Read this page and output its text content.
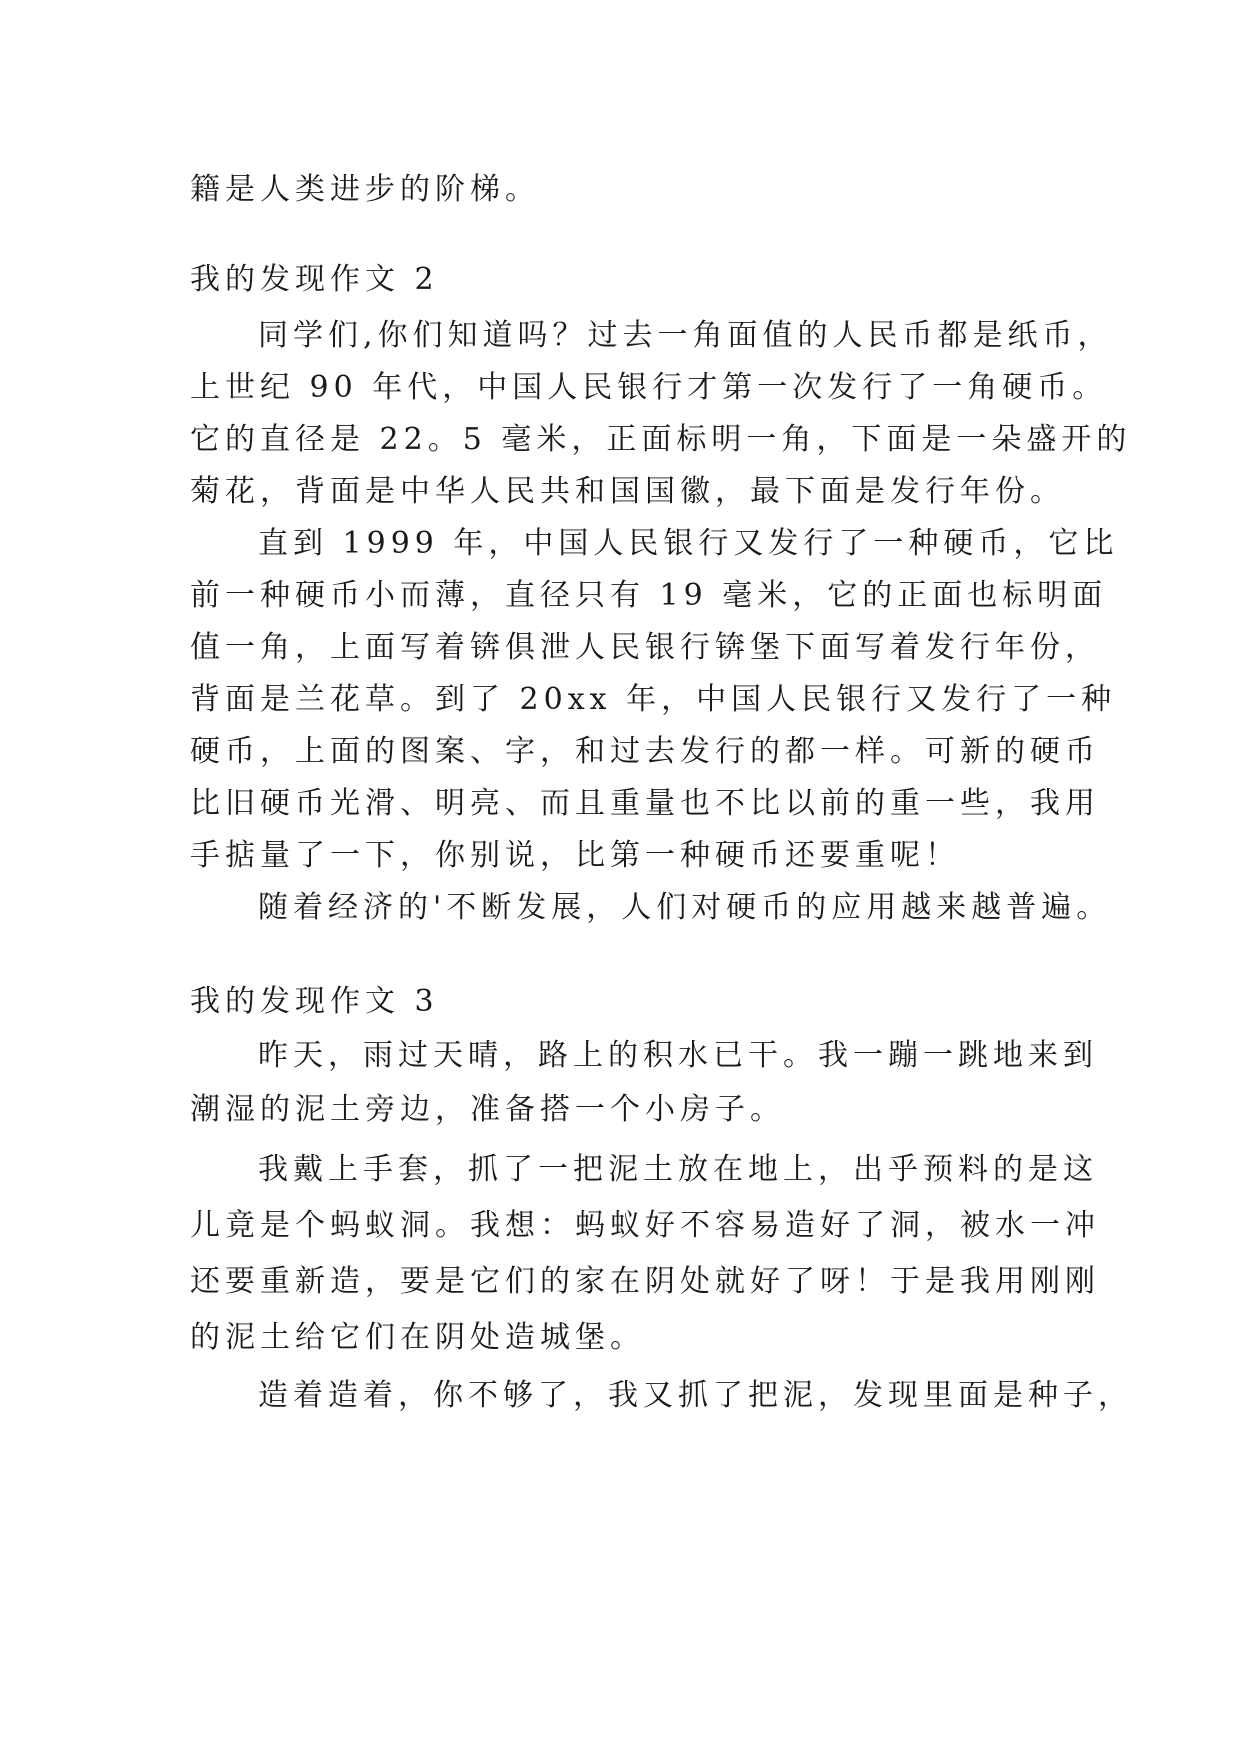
籍是人类进步的阶梯。
我的发现作文 2
同学们,你们知道吗？过去一角面值的人民币都是纸币，
上世纪 90 年代，中国人民银行才第一次发行了一角硬币。
它的直径是 22。5 毫米，正面标明一角，下面是一朵盛开的
菊花，背面是中华人民共和国国徽，最下面是发行年份。
直到 1999 年，中国人民银行又发行了一种硬币，它比
前一种硬币小而薄，直径只有 19 毫米，它的正面也标明面
值一角，上面写着锛俱泄人民银行锛堡下面写着发行年份，
背面是兰花草。到了 20xx 年，中国人民银行又发行了一种
硬币，上面的图案、字，和过去发行的都一样。可新的硬币
比旧硬币光滑、明亮、而且重量也不比以前的重一些，我用
手掂量了一下，你别说，比第一种硬币还要重呢！
随着经济的'不断发展，人们对硬币的应用越来越普遍。
我的发现作文 3
昨天，雨过天晴，路上的积水已干。我一蹦一跳地来到
潮湿的泥土旁边，准备搭一个小房子。
我戴上手套，抓了一把泥土放在地上，出乎预料的是这
儿竟是个蚂蚁洞。我想：蚂蚁好不容易造好了洞，被水一冲
还要重新造，要是它们的家在阴处就好了呀！于是我用刚刚
的泥土给它们在阴处造城堡。
造着造着，你不够了，我又抓了把泥，发现里面是种子，
